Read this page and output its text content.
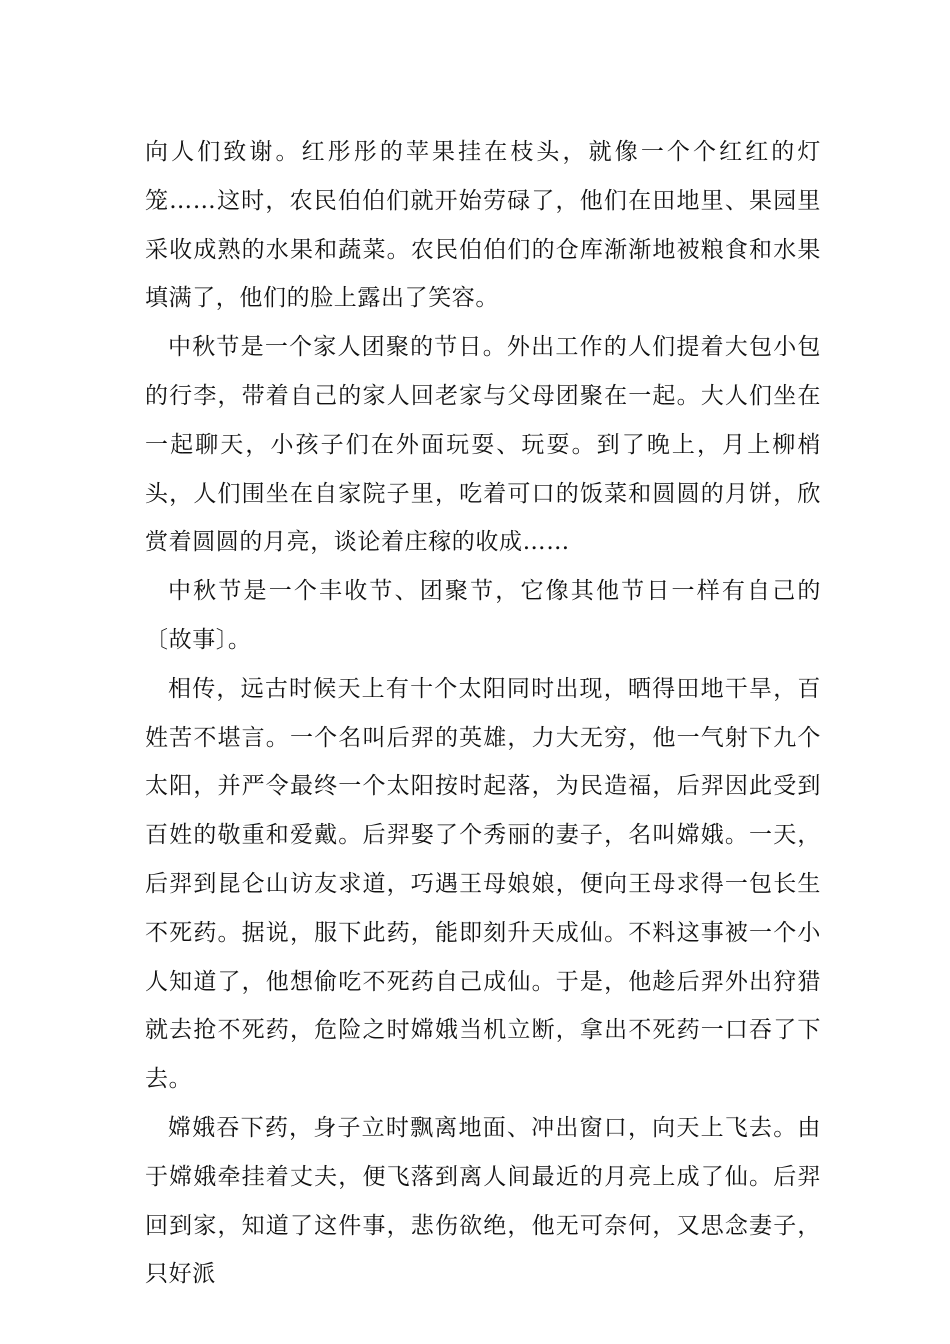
向人们致谢。红彤彤的苹果挂在枝头，就像一个个红红的灯笼……这时，农民伯伯们就开始劳碌了，他们在田地里、果园里采收成熟的水果和蔬菜。农民伯伯们的仓库渐渐地被粮食和水果填满了，他们的脸上露出了笑容。

中秋节是一个家人团聚的节日。外出工作的人们提着大包小包的行李，带着自己的家人回老家与父母团聚在一起。大人们坐在一起聊天，小孩子们在外面玩耍、玩耍。到了晚上，月上柳梢头，人们围坐在自家院子里，吃着可口的饭菜和圆圆的月饼，欣赏着圆圆的月亮，谈论着庄稼的收成……

中秋节是一个丰收节、团聚节，它像其他节日一样有自己的〔故事〕。

相传，远古时候天上有十个太阳同时出现，晒得田地干旱，百姓苦不堪言。一个名叫后羿的英雄，力大无穷，他一气射下九个太阳，并严令最终一个太阳按时起落，为民造福，后羿因此受到百姓的敬重和爱戴。后羿娶了个秀丽的妻子，名叫嫦娥。一天，后羿到昆仑山访友求道，巧遇王母娘娘，便向王母求得一包长生不死药。据说，服下此药，能即刻升天成仙。不料这事被一个小人知道了，他想偷吃不死药自己成仙。于是，他趁后羿外出狩猎就去抢不死药，危险之时嫦娥当机立断，拿出不死药一口吞了下去。

嫦娥吞下药，身子立时飘离地面、冲出窗口，向天上飞去。由于嫦娥牵挂着丈夫，便飞落到离人间最近的月亮上成了仙。后羿回到家，知道了这件事，悲伤欲绝，他无可奈何，又思念妻子，只好派
